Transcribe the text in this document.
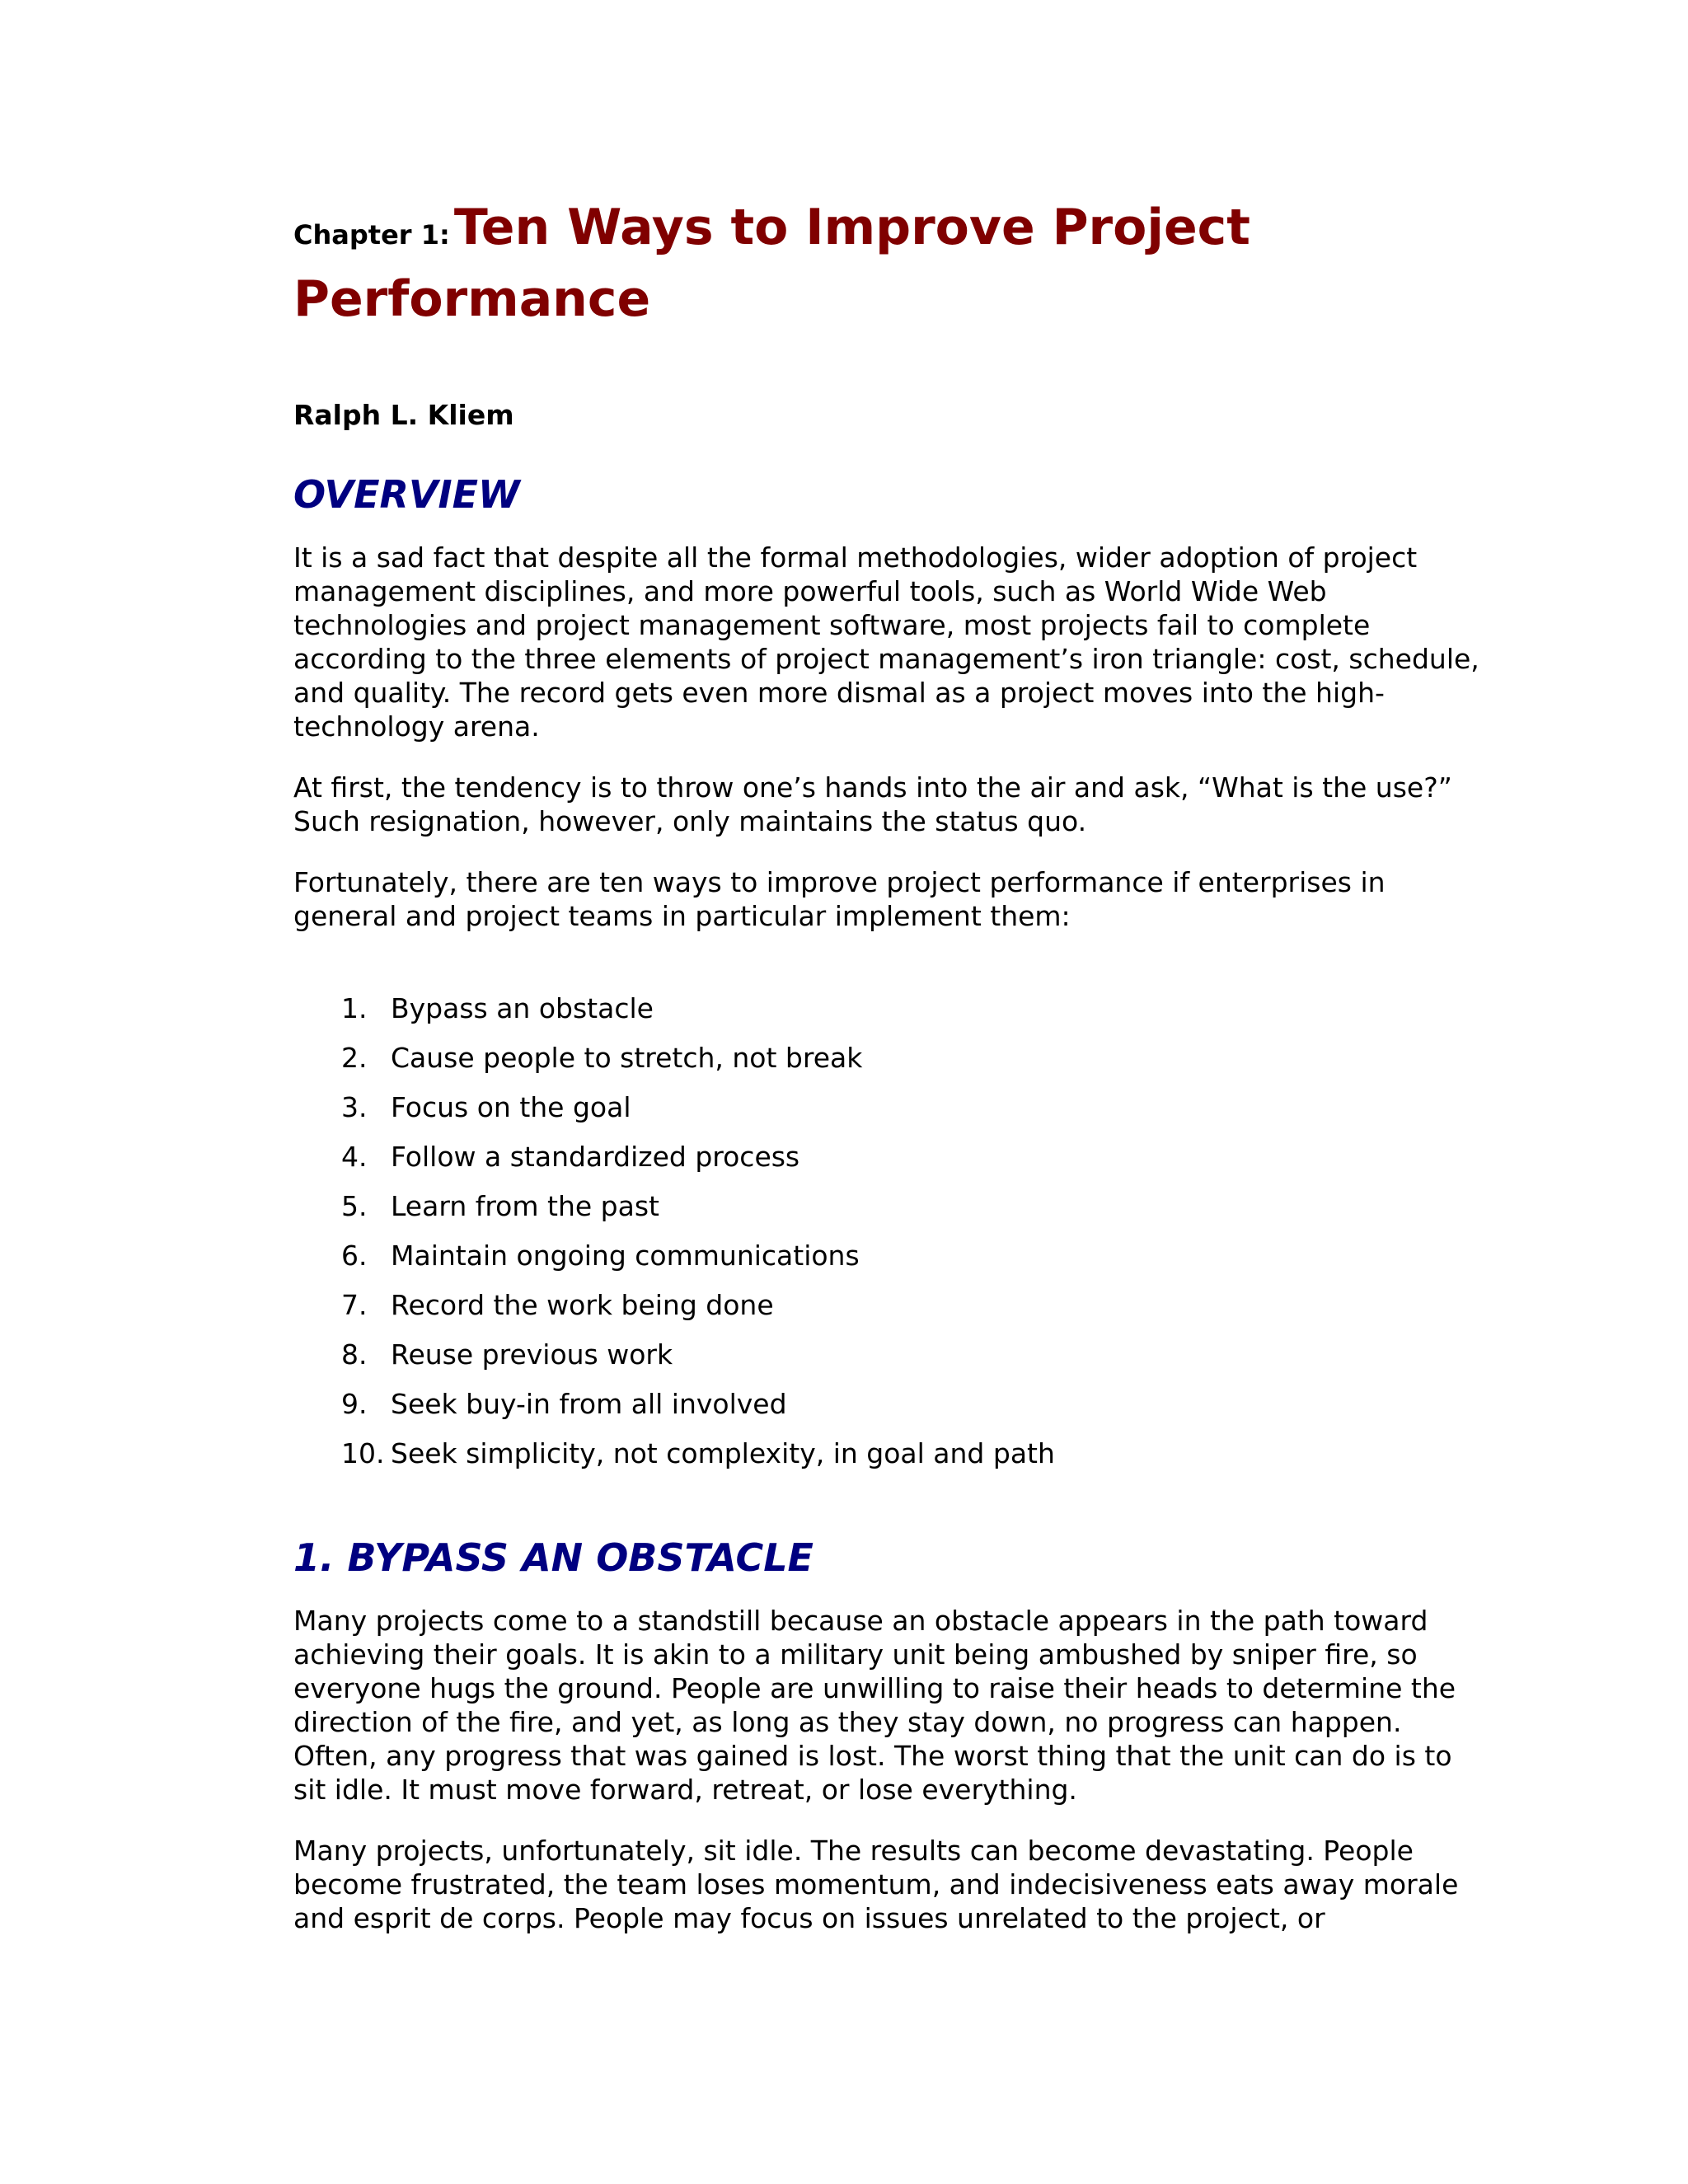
Chapter 1: Ten Ways to Improve Project Performance
Ralph L. Kliem
OVERVIEW

It is a sad fact that despite all the formal methodologies, wider adoption of project management disciplines, and more powerful tools, such as World Wide Web technologies and project management software, most projects fail to complete according to the three elements of project management’s iron triangle: cost, schedule, and quality. The record gets even more dismal as a project moves into the high-technology arena.

At first, the tendency is to throw one’s hands into the air and ask, “What is the use?” Such resignation, however, only maintains the status quo.

Fortunately, there are ten ways to improve project performance if enterprises in general and project teams in particular implement them:

1. Bypass an obstacle
2. Cause people to stretch, not break
3. Focus on the goal
4. Follow a standardized process
5. Learn from the past
6. Maintain ongoing communications
7. Record the work being done
8. Reuse previous work
9. Seek buy-in from all involved
10. Seek simplicity, not complexity, in goal and path
1. BYPASS AN OBSTACLE

Many projects come to a standstill because an obstacle appears in the path toward achieving their goals. It is akin to a military unit being ambushed by sniper fire, so everyone hugs the ground. People are unwilling to raise their heads to determine the direction of the fire, and yet, as long as they stay down, no progress can happen. Often, any progress that was gained is lost. The worst thing that the unit can do is to sit idle. It must move forward, retreat, or lose everything.

Many projects, unfortunately, sit idle. The results can become devastating. People become frustrated, the team loses momentum, and indecisiveness eats away morale and esprit de corps. People may focus on issues unrelated to the project, or
